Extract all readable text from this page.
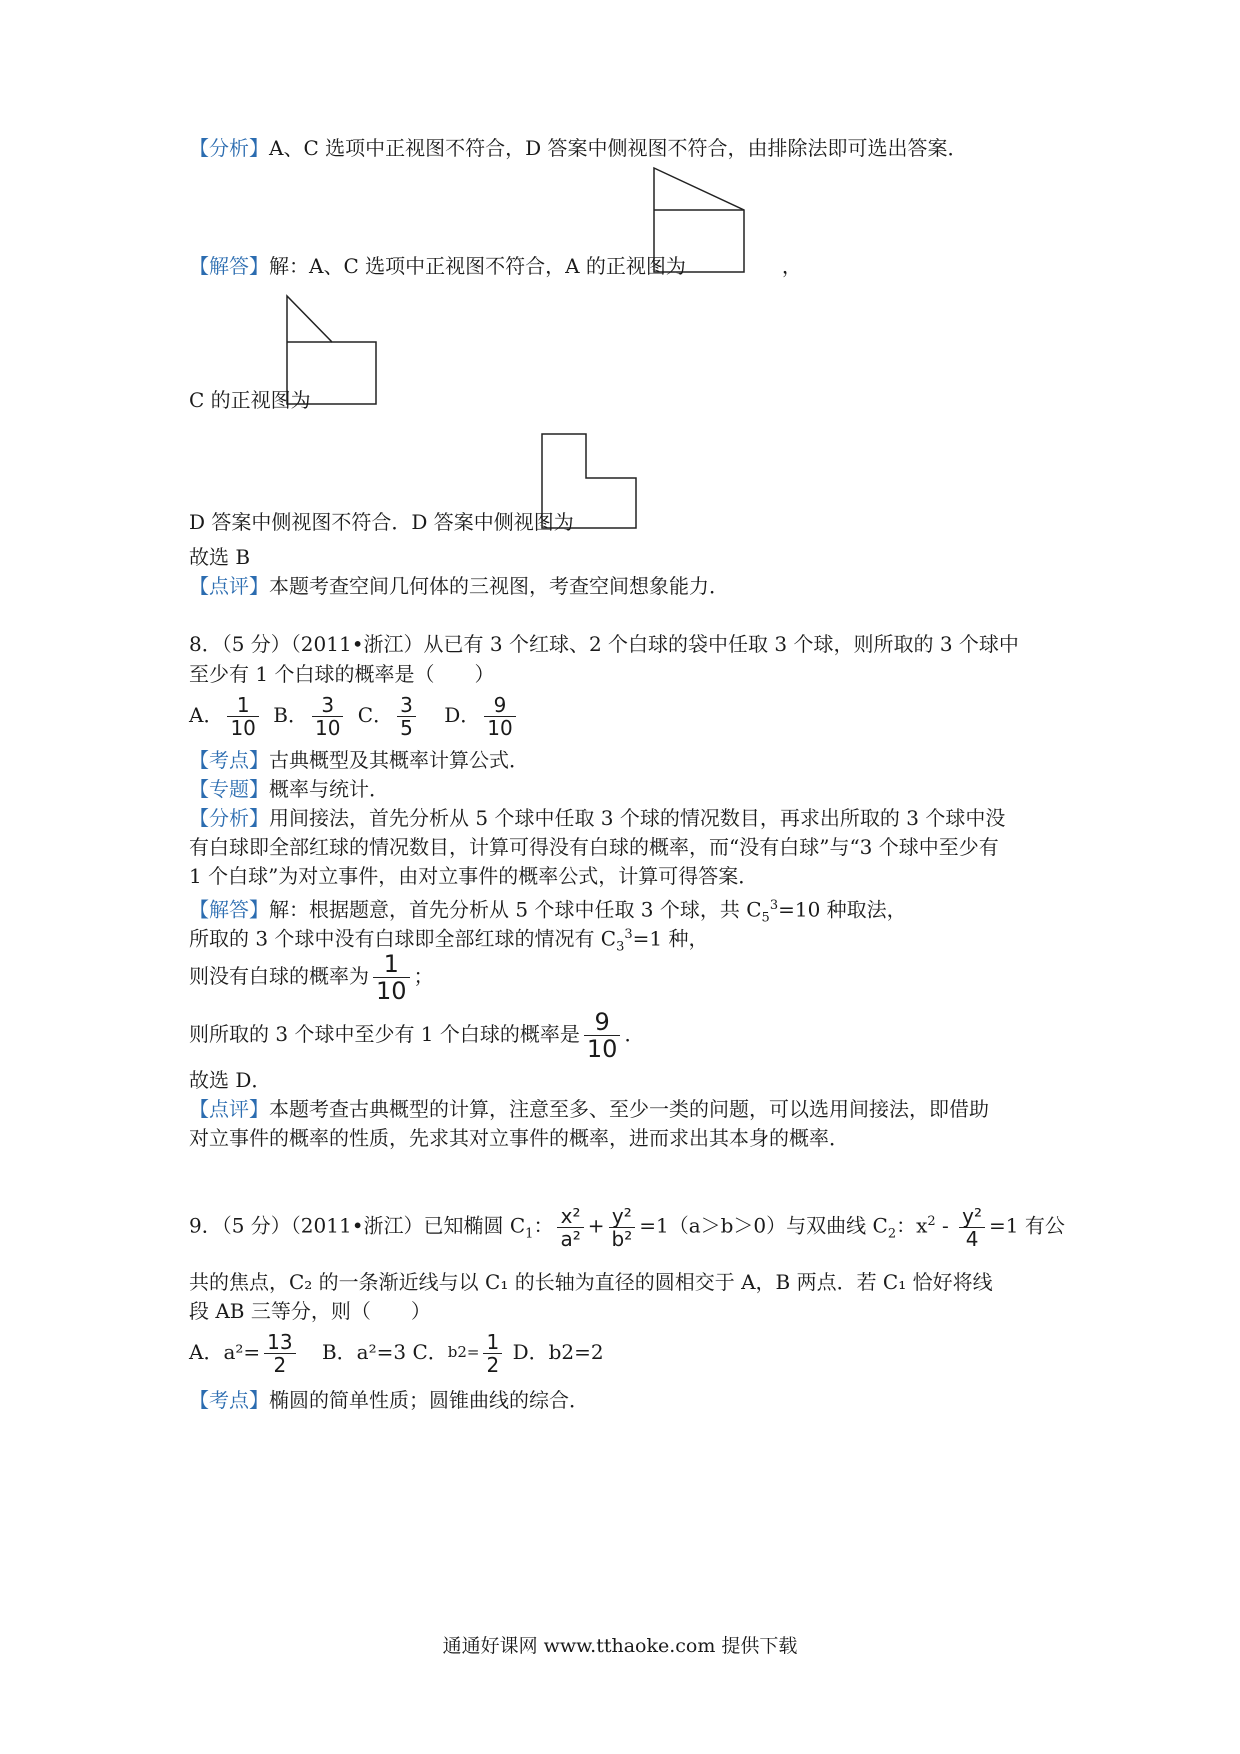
【分析】A、C 选项中正视图不符合，D 答案中侧视图不符合，由排除法即可选出答案．
【解答】解：A、C 选项中正视图不符合，A 的正视图为	，
C 的正视图为
D 答案中侧视图不符合．D 答案中侧视图为
故选 B
【点评】本题考查空间几何体的三视图，考查空间想象能力．
8．（5 分）（2011•浙江）从已有 3 个红球、2 个白球的袋中任取 3 个球，则所取的 3 个球中
至少有 1 个白球的概率是（　　）
A． $\frac{1}{10}$ B． $\frac{3}{10}$ C． $\frac{3}{5}$ D． $\frac{9}{10}$
【考点】古典概型及其概率计算公式．
【专题】概率与统计．
【分析】用间接法，首先分析从 5 个球中任取 3 个球的情况数目，再求出所取的 3 个球中没
有白球即全部红球的情况数目，计算可得没有白球的概率，而“没有白球”与“3 个球中至少有
1 个白球”为对立事件，由对立事件的概率公式，计算可得答案．
【解答】解：根据题意，首先分析从 5 个球中任取 3 个球，共 $C_5^3=10$ 种取法，
所取的 3 个球中没有白球即全部红球的情况有 $C_3^3=1$ 种，
则没有白球的概率为 $\frac{1}{10}$ ；
则所取的 3 个球中至少有 1 个白球的概率是 $\frac{9}{10}$ ．
故选 D．
【点评】本题考查古典概型的计算，注意至多、至少一类的问题，可以选用间接法，即借助
对立事件的概率的性质，先求其对立事件的概率，进而求出其本身的概率．
9．（5 分）（2011•浙江）已知椭圆 $C_1$： $\frac{\text{x²}}{\text{a²}} + \frac{\text{y²}}{\text{b²}} =1(a>b>0)$与双曲线 $C_2$：$x^2 - \frac{\text{y²}}{4} =1$ 有公
共的焦点，C₂ 的一条渐近线与以 C₁ 的长轴为直径的圆相交于 A，B 两点．若 C₁ 恰好将线
段 AB 三等分，则（　　）
A．$a^2= \frac{13}{2}$ B．a²=3 C．$^{b2=} \frac{1}{2}$ D．b2=2
【考点】椭圆的简单性质；圆锥曲线的综合．
通通好课网 www.tthaoke.com 提供下载
